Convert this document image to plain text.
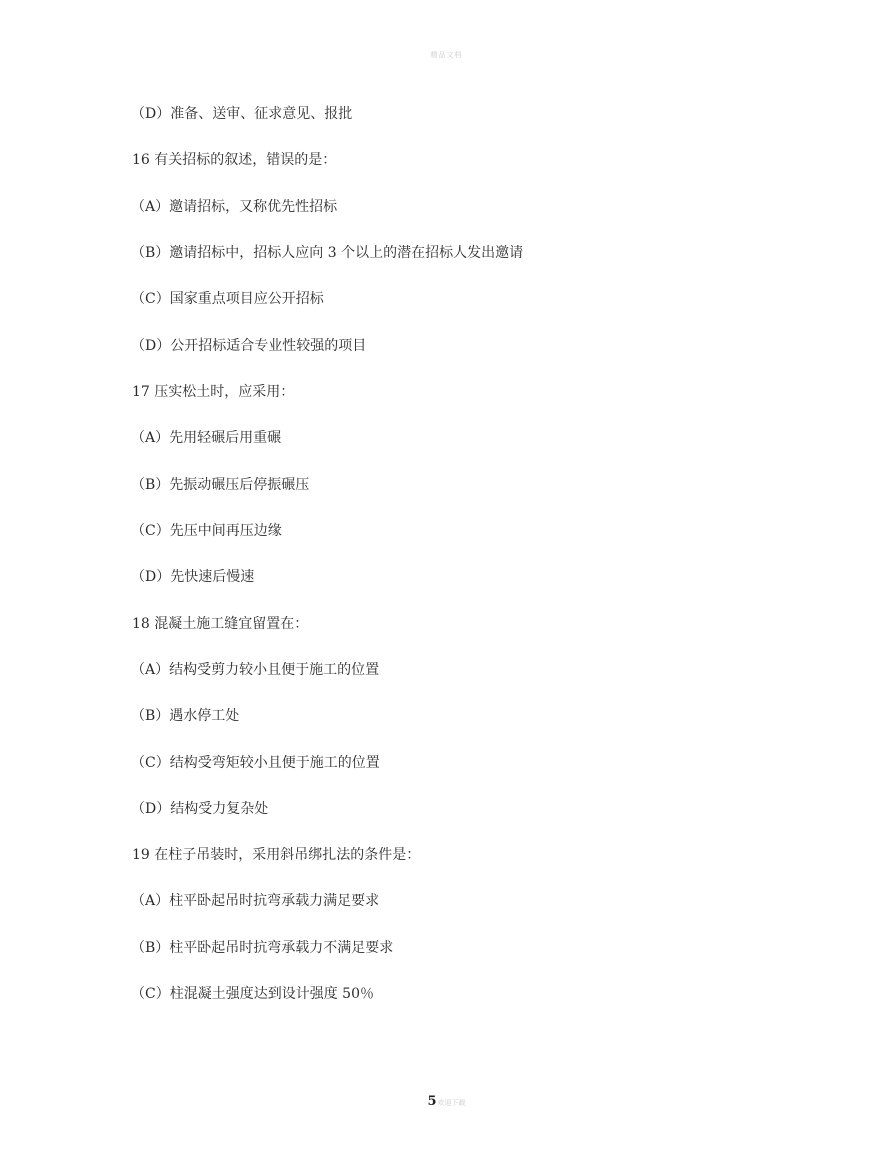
精品文档
（D）准备、送审、征求意见、报批
16 有关招标的叙述，错误的是：
（A）邀请招标，又称优先性招标
（B）邀请招标中，招标人应向 3 个以上的潜在招标人发出邀请
（C）国家重点项目应公开招标
（D）公开招标适合专业性较强的项目
17 压实松土时，应采用：
（A）先用轻碾后用重碾
（B）先振动碾压后停振碾压
（C）先压中间再压边缘
（D）先快速后慢速
18 混凝土施工缝宜留置在：
（A）结构受剪力较小且便于施工的位置
（B）遇水停工处
（C）结构受弯矩较小且便于施工的位置
（D）结构受力复杂处
19 在柱子吊装时，采用斜吊绑扎法的条件是：
（A）柱平卧起吊时抗弯承载力满足要求
（B）柱平卧起吊时抗弯承载力不满足要求
（C）柱混凝土强度达到设计强度 50％
5欢迎下载
